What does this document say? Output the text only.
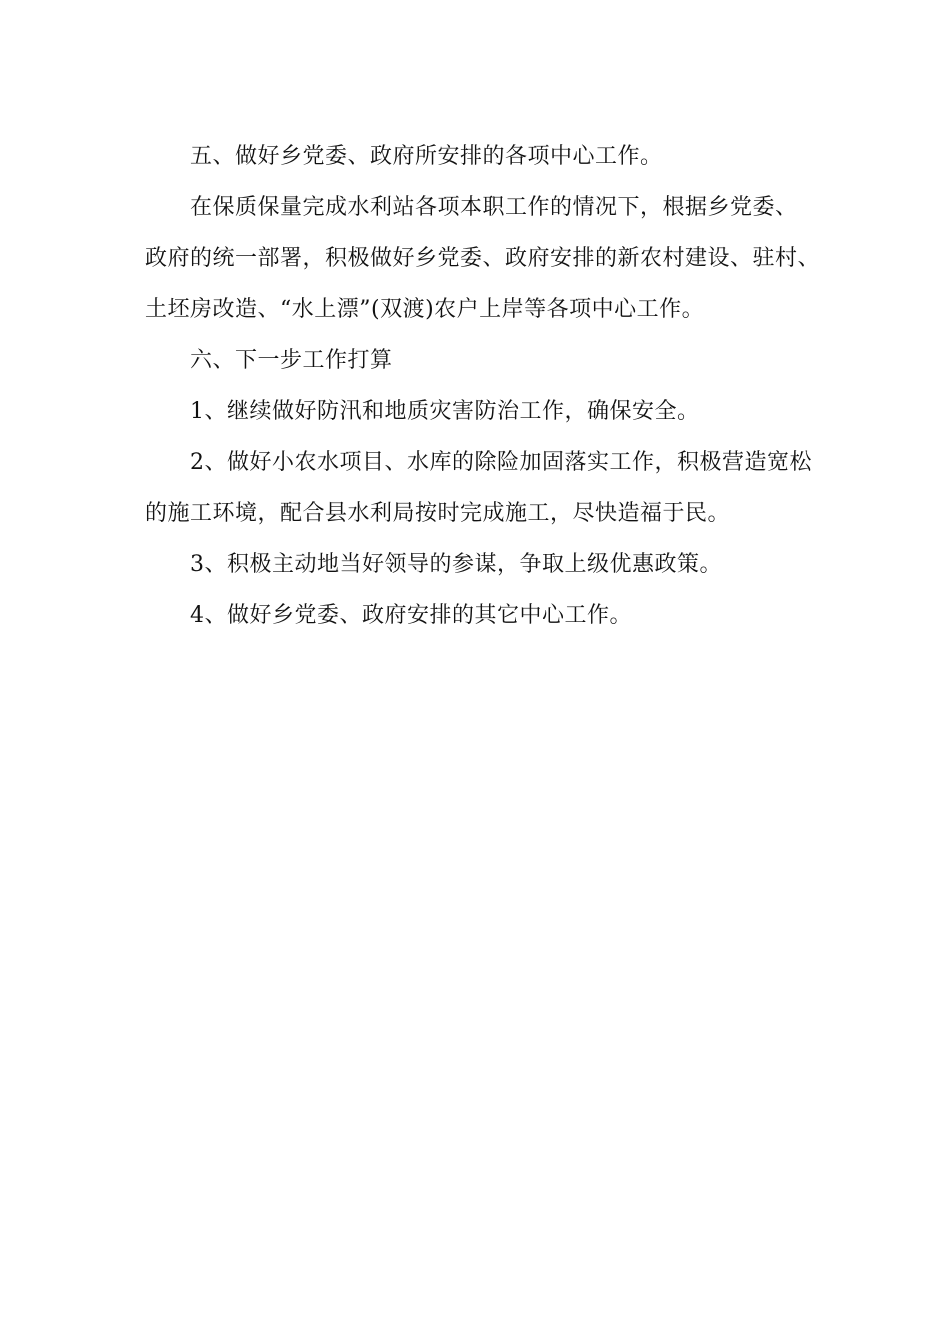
五、做好乡党委、政府所安排的各项中心工作。

在保质保量完成水利站各项本职工作的情况下，根据乡党委、

政府的统一部署，积极做好乡党委、政府安排的新农村建设、驻村、

土坯房改造、“水上漂”(双渡)农户上岸等各项中心工作。

六、下一步工作打算

1、继续做好防汛和地质灾害防治工作，确保安全。

2、做好小农水项目、水库的除险加固落实工作，积极营造宽松

的施工环境，配合县水利局按时完成施工，尽快造福于民。

3、积极主动地当好领导的参谋，争取上级优惠政策。

4、做好乡党委、政府安排的其它中心工作。
